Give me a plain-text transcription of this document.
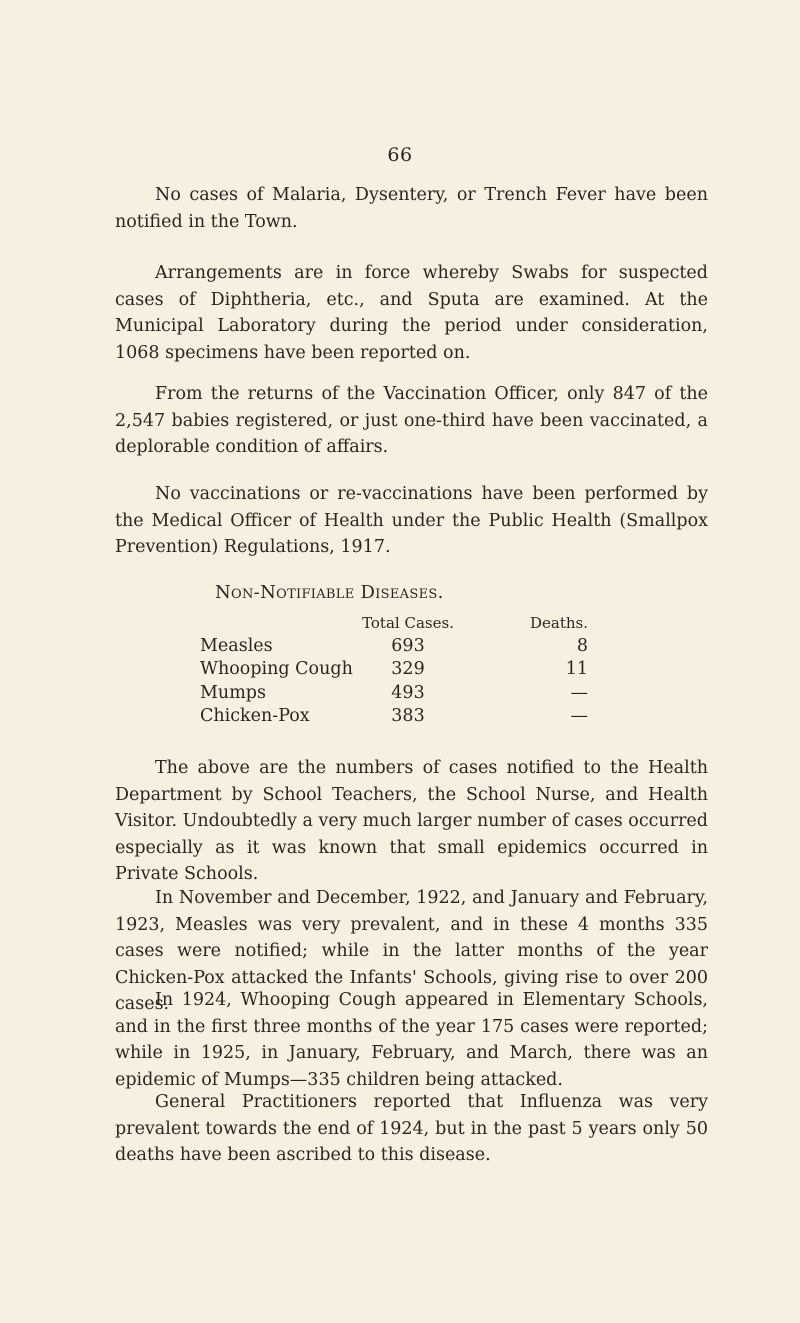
66

No cases of Malaria, Dysentery, or Trench Fever have been notified in the Town.

Arrangements are in force whereby Swabs for suspected cases of Diphtheria, etc., and Sputa are examined. At the Municipal Laboratory during the period under consideration, 1068 specimens have been reported on.

From the returns of the Vaccination Officer, only 847 of the 2,547 babies registered, or just one-third have been vaccinated, a deplorable condition of affairs.

No vaccinations or re-vaccinations have been performed by the Medical Officer of Health under the Public Health (Smallpox Prevention) Regulations, 1917.

Non-Notifiable Diseases.
	Total Cases.	Deaths.
Measles	693	8
Whooping Cough	329	11
Mumps	493	—
Chicken-Pox	383	—

The above are the numbers of cases notified to the Health Department by School Teachers, the School Nurse, and Health Visitor. Undoubtedly a very much larger number of cases occurred especially as it was known that small epidemics occurred in Private Schools.

In November and December, 1922, and January and February, 1923, Measles was very prevalent, and in these 4 months 335 cases were notified; while in the latter months of the year Chicken-Pox attacked the Infants' Schools, giving rise to over 200 cases.

In 1924, Whooping Cough appeared in Elementary Schools, and in the first three months of the year 175 cases were reported; while in 1925, in January, February, and March, there was an epidemic of Mumps—335 children being attacked.

General Practitioners reported that Influenza was very prevalent towards the end of 1924, but in the past 5 years only 50 deaths have been ascribed to this disease.
